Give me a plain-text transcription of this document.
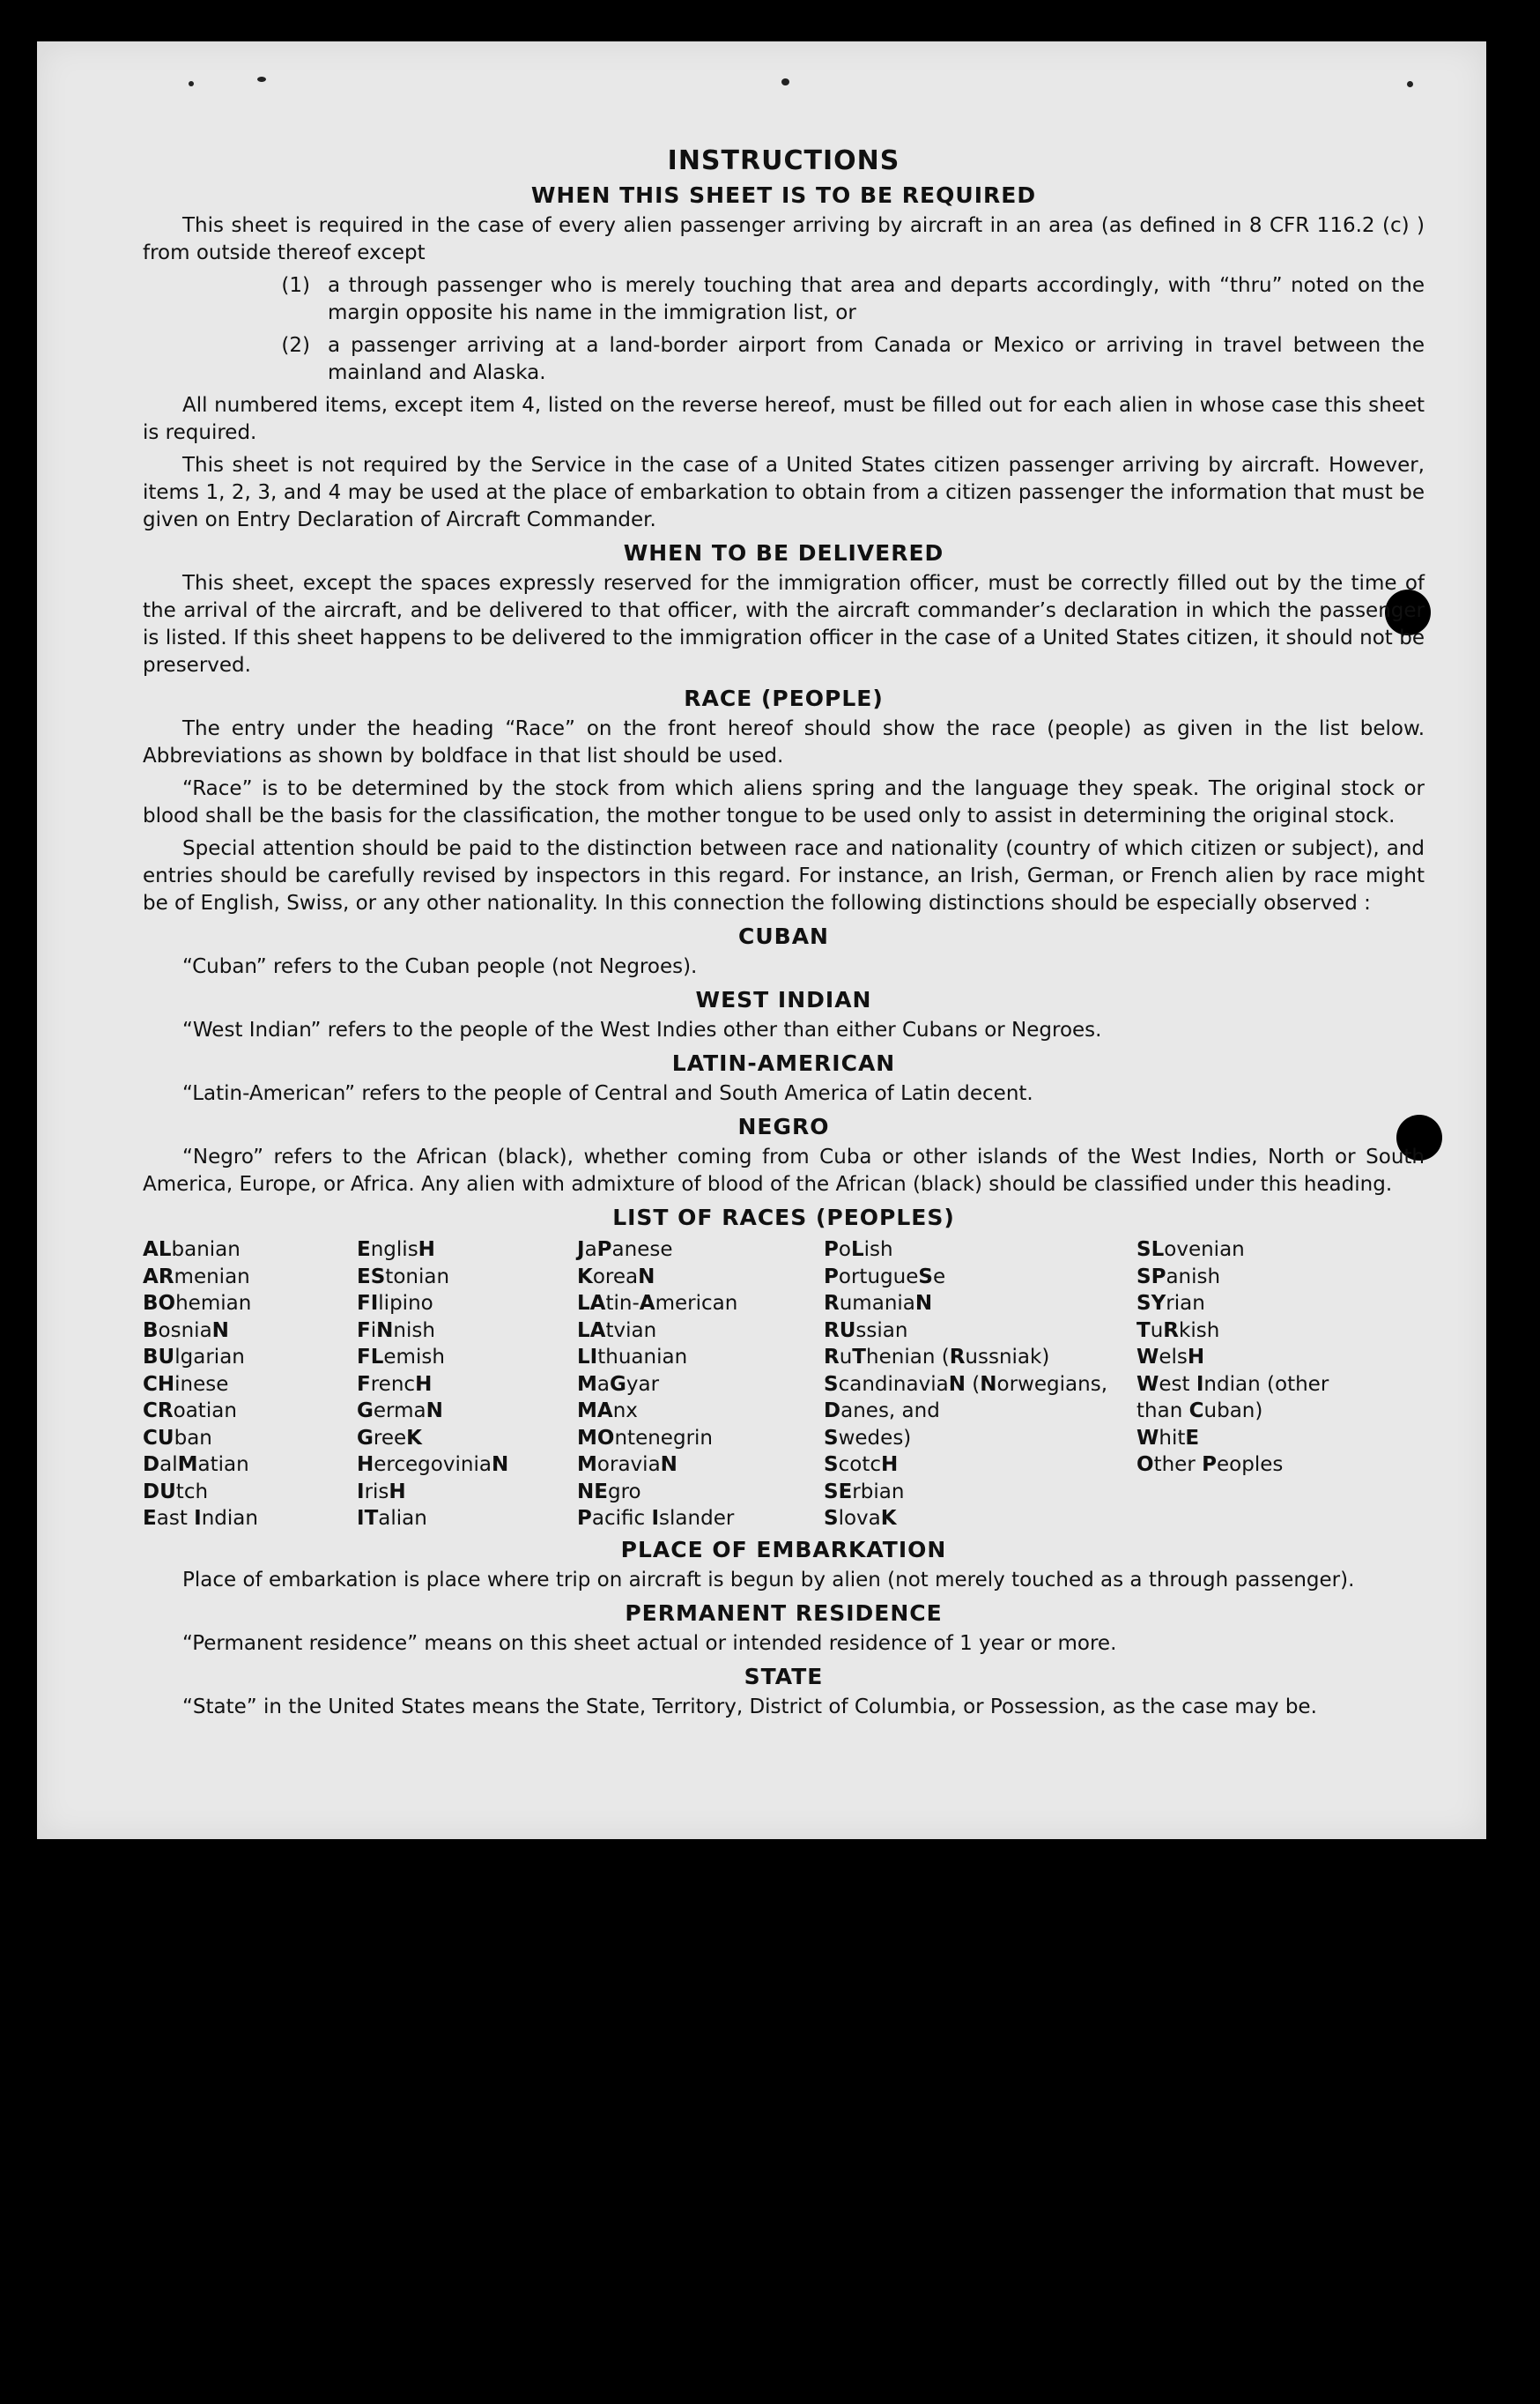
INSTRUCTIONS
WHEN THIS SHEET IS TO BE REQUIRED

This sheet is required in the case of every alien passenger arriving by aircraft in an area (as defined in 8 CFR 116.2 (c) ) from outside thereof except

(1) a through passenger who is merely touching that area and departs accordingly, with “thru” noted on the margin opposite his name in the immigration list, or
(2) a passenger arriving at a land-border airport from Canada or Mexico or arriving in travel between the mainland and Alaska.

All numbered items, except item 4, listed on the reverse hereof, must be filled out for each alien in whose case this sheet is required.

This sheet is not required by the Service in the case of a United States citizen passenger arriving by aircraft. However, items 1, 2, 3, and 4 may be used at the place of embarkation to obtain from a citizen passenger the information that must be given on Entry Declaration of Aircraft Commander.

WHEN TO BE DELIVERED

This sheet, except the spaces expressly reserved for the immigration officer, must be correctly filled out by the time of the arrival of the aircraft, and be delivered to that officer, with the aircraft commander’s declaration in which the passenger is listed. If this sheet happens to be delivered to the immigration officer in the case of a United States citizen, it should not be preserved.

RACE (PEOPLE)

The entry under the heading “Race” on the front hereof should show the race (people) as given in the list below. Abbreviations as shown by boldface in that list should be used.

“Race” is to be determined by the stock from which aliens spring and the language they speak. The original stock or blood shall be the basis for the classification, the mother tongue to be used only to assist in determining the original stock.

Special attention should be paid to the distinction between race and nationality (country of which citizen or subject), and entries should be carefully revised by inspectors in this regard. For instance, an Irish, German, or French alien by race might be of English, Swiss, or any other nationality. In this connection the following distinctions should be especially observed :

CUBAN

“Cuban” refers to the Cuban people (not Negroes).

WEST INDIAN

“West Indian” refers to the people of the West Indies other than either Cubans or Negroes.

LATIN-AMERICAN

“Latin-American” refers to the people of Central and South America of Latin decent.

NEGRO

“Negro” refers to the African (black), whether coming from Cuba or other islands of the West Indies, North or South America, Europe, or Africa. Any alien with admixture of blood of the African (black) should be classified under this heading.

LIST OF RACES (PEOPLES)
ALbanian
ARmenian
BOhemian
BosniaN
BUlgarian
CHinese
CRoatian
CUban
DalMatian
DUtch
East Indian
EnglisH
EStonian
FIlipino
FiNnish
FLemish
FrencH
GermaN
GreeK
HercegoviniaN
IrisH
ITalian
JaPanese
KoreaN
LAtin-American
LAtvian
LIthuanian
MaGyar
MAnx
MOntenegrin
MoraviaN
NEgro
Pacifc Islander
PoLish
PortugueSe
RumaniaN
RUssian
RuThenian (Russniak)
ScandinaviaN (Norwegians,
Danes, and
Swedes)
ScotcH
SErbian
SlovaK
SLovenian
SPanish
SYrian
TuRkish
WelsH
West Indian (other
than Cuban)
WhitE
Other Peoples
PLACE OF EMBARKATION

Place of embarkation is place where trip on aircraft is begun by alien (not merely touched as a through passenger).

PERMANENT RESIDENCE

“Permanent residence” means on this sheet actual or intended residence of 1 year or more.

STATE

“State” in the United States means the State, Territory, District of Columbia, or Possession, as the case may be.
